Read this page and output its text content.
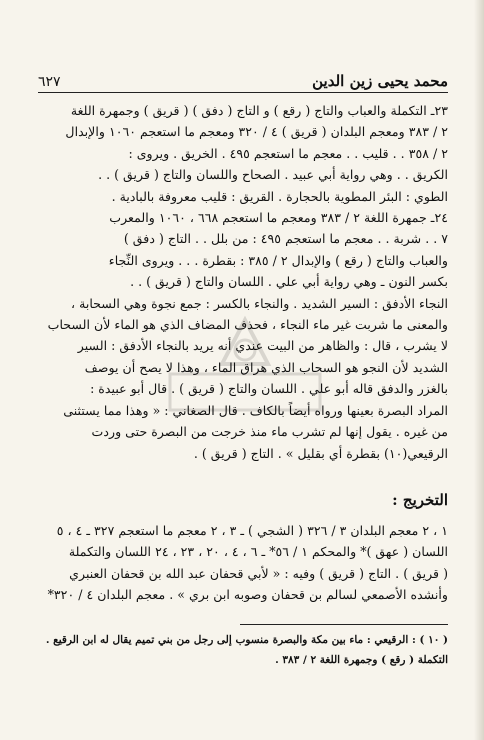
محمد يحيى زين الدين
٦٢٧
٢٣ـ التكملة والعباب والتاج ( رقع ) و التاج ( دفق ) ( قريق ) وجمهرة اللغة
٢ / ٣٨٣ ومعجم البلدان ( قريق ) ٤ / ٣٢٠ ومعجم ما استعجم ١٠٦٠ والإبدال
٢ / ٣٥٨ . . قليب . . معجم ما استعجم ٤٩٥ . الخريق . ويروى :
الكريق . . وهي رواية أبي عبيد . الصحاح واللسان والتاج ( قريق ) . .
الطوي : البئر المطوية بالحجارة . القريق : قليب معروفة بالبادية .
٢٤ـ جمهرة اللغة ٢ / ٣٨٣ ومعجم ما استعجم ٦٦٨ ، ١٠٦٠ والمعرب
٧ . . شربة . . معجم ما استعجم ٤٩٥ : من بلل . . التاج ( دفق )
والعباب والتاج ( رقع ) والإبدال ٢ / ٣٨٥ : بقطرة . . . ويروى النِّجاء
بكسر النون ـ وهي رواية أبي علي . اللسان والتاج ( قريق ) . .
النجاء الأدفق : السير الشديد . والنجاء بالكسر : جمع نجوة وهي السحابة ،
والمعنى ما شربت غير ماء النجاء ، فحذف المضاف الذي هو الماء لأن السحاب
لا يشرب ، قال : والظاهر من البيت عندي أنه يريد بالنجاء الأدفق : السير
الشديد لأن النجو هو السحاب الذي هراق الماء ، وهذا لا يصح أن يوصف
بالغزر والدفق قاله أبو علي . اللسان والتاج ( قريق ) . قال أبو عبيدة :
المراد البصرة بعينها ورواه أيضاً بالكاف . قال الصغاني : « وهذا مما يستثنى
من غيره . يقول إنها لم تشرب ماء منذ خرجت من البصرة حتى وردت
الرقيعي(١٠) بقطرة أي بقليل » . التاج ( قريق ) .
التخريج :
١ ، ٢ معجم البلدان ٣ / ٣٢٦ ( الشجي ) ـ ٣ ، ٢ معجم ما استعجم ٣٢٧ ـ ٤ ، ٥
اللسان ( عهق )* والمحكم ١ / ٥٦* ـ ٦ ، ٤ ، ٢٠ ، ٢٣ ، ٢٤ اللسان والتكملة
( قريق ) . التاج ( قريق ) وفيه : « لأبي قحفان عبد الله بن قحفان العنبري
وأنشده الأصمعي لسالم بن قحفان وصوبه ابن بري » . معجم البلدان ٤ / ٣٢٠*
( ١٠ ) : الرقيعي : ماء بين مكة والبصرة منسوب إلى رجل من بني تميم يقال له ابن الرقيع .
التكملة ( رقع ) وجمهرة اللغة ٢ / ٣٨٣ .
